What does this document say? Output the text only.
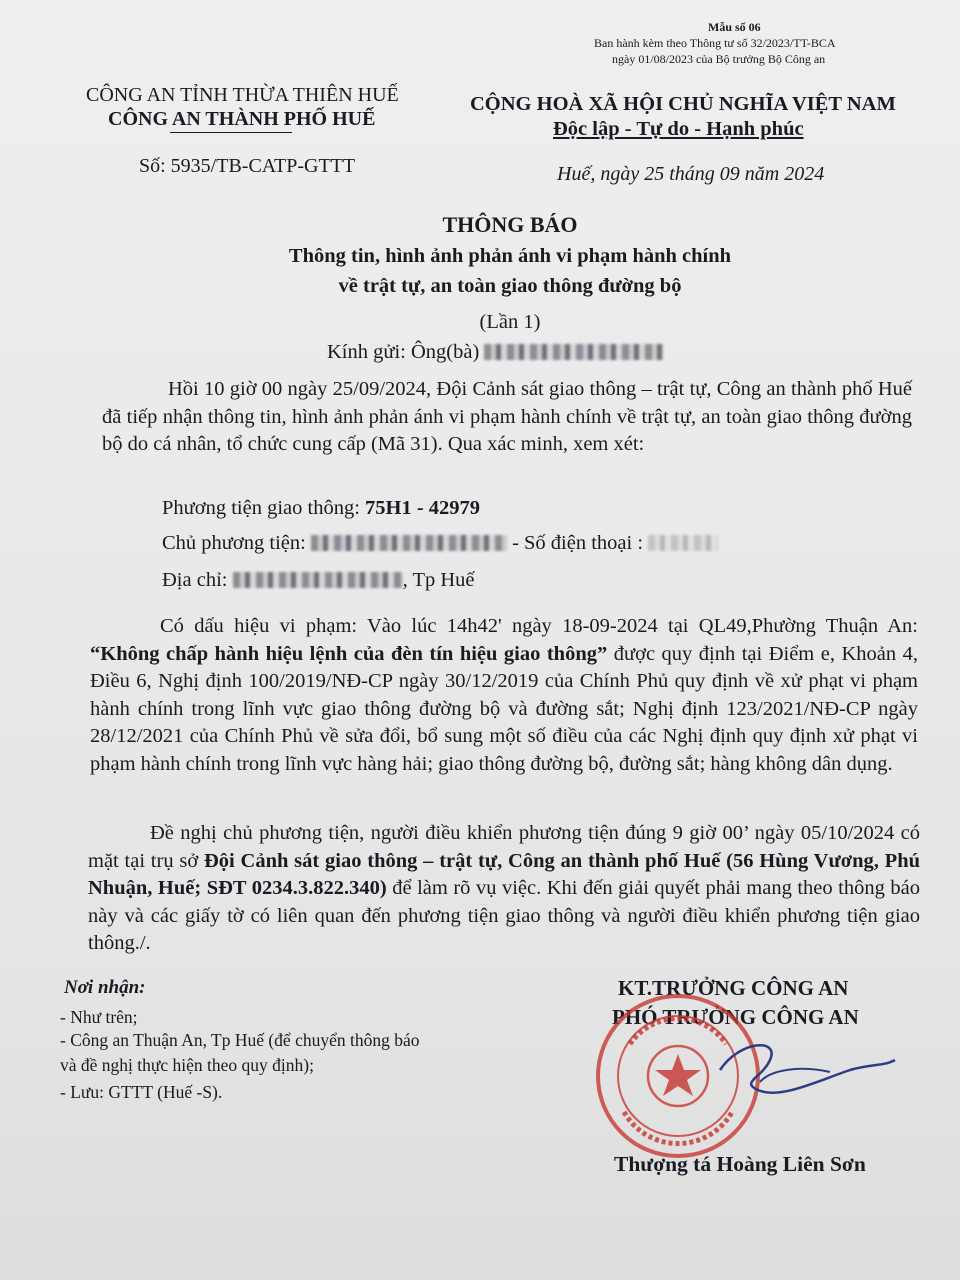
Mẫu số 06
Ban hành kèm theo Thông tư số 32/2023/TT-BCA
ngày 01/08/2023 của Bộ trưởng Bộ Công an
CÔNG AN TỈNH THỪA THIÊN HUẾ
CÔNG AN THÀNH PHỐ HUẾ
Số: 5935/TB-CATP-GTTT
CỘNG HOÀ XÃ HỘI CHỦ NGHĨA VIỆT NAM
Độc lập - Tự do - Hạnh phúc
Huế, ngày 25 tháng 09 năm 2024
THÔNG BÁO
Thông tin, hình ảnh phản ánh vi phạm hành chính
về trật tự, an toàn giao thông đường bộ
(Lần 1)
Kính gửi: Ông(bà)
Hồi 10 giờ 00 ngày 25/09/2024, Đội Cảnh sát giao thông – trật tự, Công an thành phố Huế đã tiếp nhận thông tin, hình ảnh phản ánh vi phạm hành chính về trật tự, an toàn giao thông đường bộ do cá nhân, tổ chức cung cấp (Mã 31). Qua xác minh, xem xét:
Phương tiện giao thông: 75H1 - 42979
Chủ phương tiện:	- Số điện thoại :
Địa chỉ:	, Tp Huế
Có dấu hiệu vi phạm: Vào lúc 14h42' ngày 18-09-2024 tại QL49,Phường Thuận An: “Không chấp hành hiệu lệnh của đèn tín hiệu giao thông” được quy định tại Điểm e, Khoản 4, Điều 6, Nghị định 100/2019/NĐ-CP ngày 30/12/2019 của Chính Phủ quy định về xử phạt vi phạm hành chính trong lĩnh vực giao thông đường bộ và đường sắt; Nghị định 123/2021/NĐ-CP ngày 28/12/2021 của Chính Phủ về sửa đổi, bổ sung một số điều của các Nghị định quy định xử phạt vi phạm hành chính trong lĩnh vực hàng hải; giao thông đường bộ, đường sắt; hàng không dân dụng.
Đề nghị chủ phương tiện, người điều khiển phương tiện đúng 9 giờ 00’ ngày 05/10/2024 có mặt tại trụ sở Đội Cảnh sát giao thông – trật tự, Công an thành phố Huế (56 Hùng Vương, Phú Nhuận, Huế; SĐT 0234.3.822.340) để làm rõ vụ việc. Khi đến giải quyết phải mang theo thông báo này và các giấy tờ có liên quan đến phương tiện giao thông và người điều khiển phương tiện giao thông./.
Nơi nhận:
- Như trên;
- Công an Thuận An, Tp Huế (để chuyển thông báo
và đề nghị thực hiện theo quy định);
- Lưu: GTTT (Huế -S).
KT.TRƯỞNG CÔNG AN
PHÓ TRƯỞNG CÔNG AN
Thượng tá Hoàng Liên Sơn
